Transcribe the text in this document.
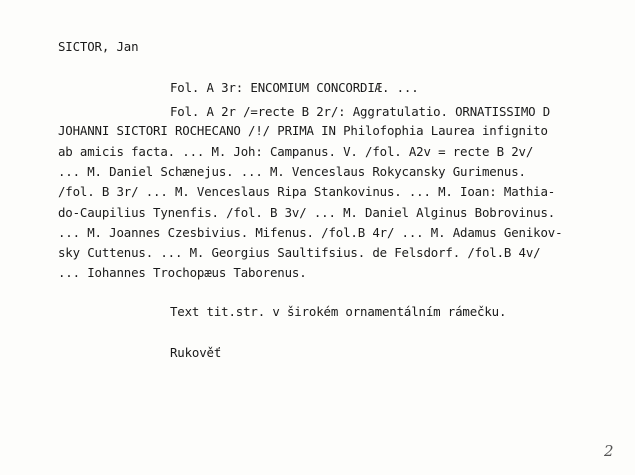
SICTOR, Jan
Fol. A 3r: ENCOMIUM CONCORDIÆ. ...
Fol. A 2r /=recte B 2r/: Aggratulatio. ORNATISSIMO D
JOHANNI SICTORI ROCHECANO /!/ PRIMA IN Philofophia Laurea infignito
ab amicis facta. ... M. Joh: Campanus. V. /fol. A2v = recte B 2v/
... M. Daniel Schænejus. ... M. Venceslaus Rokycansky Gurimenus.
/fol. B 3r/ ... M. Venceslaus Ripa Stankovinus. ... M. Ioan: Mathia-
do-Caupilius Tynenfis. /fol. B 3v/ ... M. Daniel Alginus Bobrovinus.
... M. Joannes Czesbivius. Mifenus. /fol.B 4r/ ... M. Adamus Genikov-
sky Cuttenus. ... M. Georgius Saultifsius. de Felsdorf. /fol.B 4v/
... Iohannes Trochopæus Taborenus.
Text tit.str. v širokém ornamentálním rámečku.
Rukověť
2
